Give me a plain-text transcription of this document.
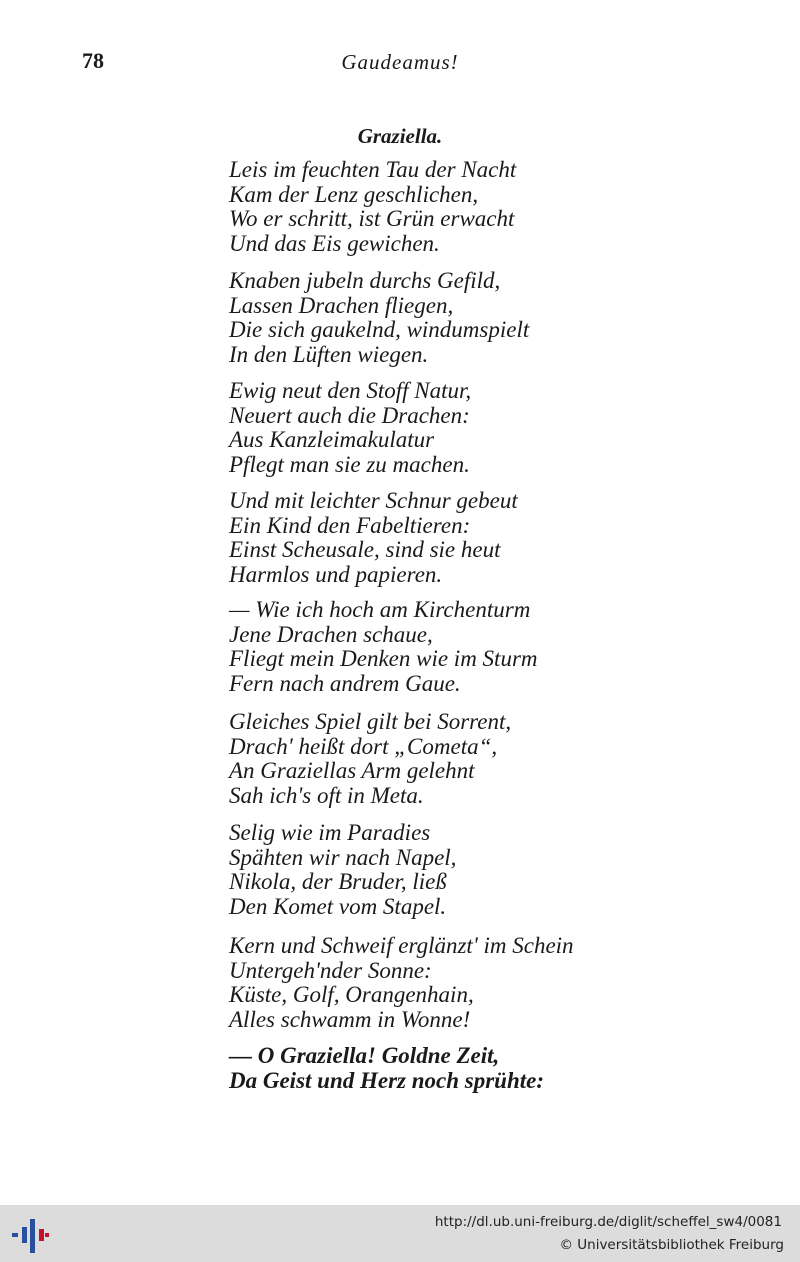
78	Gaudeamus!
Graziella.
Leis im feuchten Tau der Nacht
Kam der Lenz geschlichen,
Wo er schritt, ist Grün erwacht
Und das Eis gewichen.
Knaben jubeln durchs Gefild,
Lassen Drachen fliegen,
Die sich gaukelnd, windumspielt
In den Lüften wiegen.
Ewig neut den Stoff Natur,
Neuert auch die Drachen:
Aus Kanzleimakulatur
Pflegt man sie zu machen.
Und mit leichter Schnur gebeut
Ein Kind den Fabeltieren:
Einst Scheusale, sind sie heut
Harmlos und papieren.
— Wie ich hoch am Kirchenturm
Jene Drachen schaue,
Fliegt mein Denken wie im Sturm
Fern nach andrem Gaue.
Gleiches Spiel gilt bei Sorrent,
Drach' heißt dort „Cometa“,
An Graziellas Arm gelehnt
Sah ich's oft in Meta.
Selig wie im Paradies
Spähten wir nach Napel,
Nikola, der Bruder, ließ
Den Komet vom Stapel.
Kern und Schweif erglänzt' im Schein
Untergeh'nder Sonne:
Küste, Golf, Orangenhain,
Alles schwamm in Wonne!
— O Graziella! Goldne Zeit,
Da Geist und Herz noch sprühte:
http://dl.ub.uni-freiburg.de/diglit/scheffel_sw4/0081
© Universitätsbibliothek Freiburg
